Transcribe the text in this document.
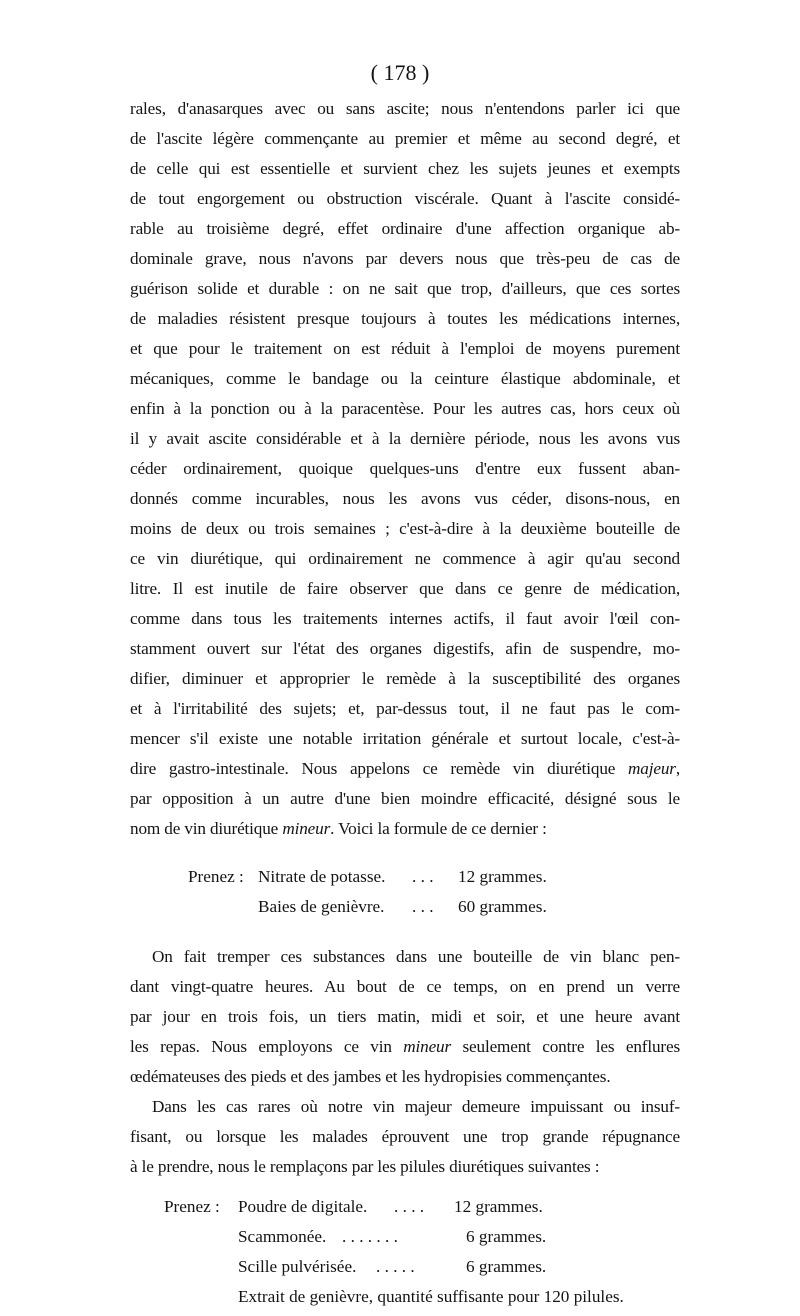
( 178 )
rales, d'anasarques avec ou sans ascite; nous n'entendons parler ici que
de l'ascite légère commençante au premier et même au second degré, et
de celle qui est essentielle et survient chez les sujets jeunes et exempts
de tout engorgement ou obstruction viscérale. Quant à l'ascite considé-
rable au troisième degré, effet ordinaire d'une affection organique ab-
dominale grave, nous n'avons par devers nous que très-peu de cas de
guérison solide et durable : on ne sait que trop, d'ailleurs, que ces sortes
de maladies résistent presque toujours à toutes les médications internes,
et que pour le traitement on est réduit à l'emploi de moyens purement
mécaniques, comme le bandage ou la ceinture élastique abdominale, et
enfin à la ponction ou à la paracentèse. Pour les autres cas, hors ceux où
il y avait ascite considérable et à la dernière période, nous les avons vus
céder ordinairement, quoique quelques-uns d'entre eux fussent aban-
donnés comme incurables, nous les avons vus céder, disons-nous, en
moins de deux ou trois semaines ; c'est-à-dire à la deuxième bouteille de
ce vin diurétique, qui ordinairement ne commence à agir qu'au second
litre. Il est inutile de faire observer que dans ce genre de médication,
comme dans tous les traitements internes actifs, il faut avoir l'œil con-
stamment ouvert sur l'état des organes digestifs, afin de suspendre, mo-
difier, diminuer et approprier le remède à la susceptibilité des organes
et à l'irritabilité des sujets; et, par-dessus tout, il ne faut pas le com-
mencer s'il existe une notable irritation générale et surtout locale, c'est-à-
dire gastro-intestinale. Nous appelons ce remède vin diurétique majeur,
par opposition à un autre d'une bien moindre efficacité, désigné sous le
nom de vin diurétique mineur. Voici la formule de ce dernier :
Prenez : Nitrate de potasse. . . . 12 grammes.
Baies de genièvre. . . . 60 grammes.
On fait tremper ces substances dans une bouteille de vin blanc pen-
dant vingt-quatre heures. Au bout de ce temps, on en prend un verre
par jour en trois fois, un tiers matin, midi et soir, et une heure avant
les repas. Nous employons ce vin mineur seulement contre les enflures
œdémateuses des pieds et des jambes et les hydropisies commençantes.
Dans les cas rares où notre vin majeur demeure impuissant ou insuf-
fisant, ou lorsque les malades éprouvent une trop grande répugnance
à le prendre, nous le remplaçons par les pilules diurétiques suivantes :
Prenez : Poudre de digitale. . . . . 12 grammes.
Scammonée. . . . . . . .	6 grammes.
Scille pulvérisée. . . . . .	6 grammes.
Extrait de genièvre, quantité suffisante pour 120 pilules.
